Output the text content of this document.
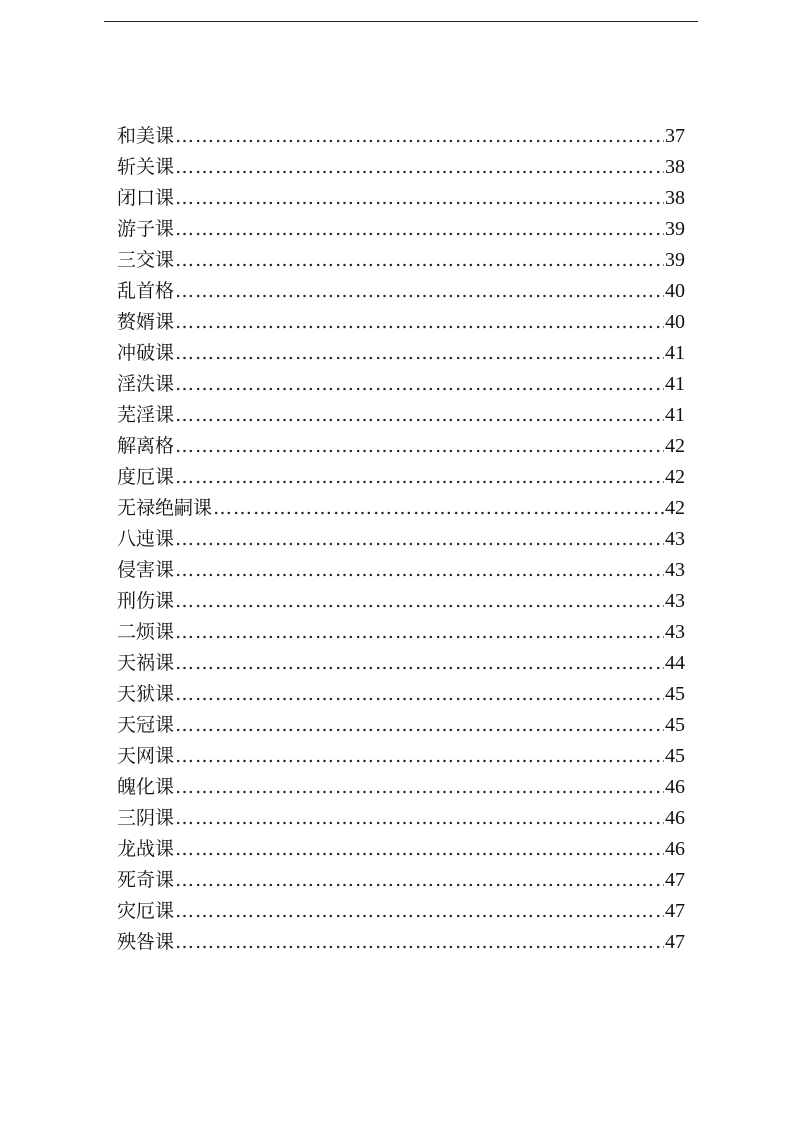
和美课 …………………………………………………………………………………………………………………………………………………………………	37
斩关课 …………………………………………………………………………………………………………………………………………………………………	38
闭口课 …………………………………………………………………………………………………………………………………………………………………	38
游子课 …………………………………………………………………………………………………………………………………………………………………	39
三交课 …………………………………………………………………………………………………………………………………………………………………	39
乱首格 …………………………………………………………………………………………………………………………………………………………………	40
赘婿课 …………………………………………………………………………………………………………………………………………………………………	40
冲破课 …………………………………………………………………………………………………………………………………………………………………	41
淫泆课 …………………………………………………………………………………………………………………………………………………………………	41
芜淫课 …………………………………………………………………………………………………………………………………………………………………	41
解离格 …………………………………………………………………………………………………………………………………………………………………	42
度厄课 …………………………………………………………………………………………………………………………………………………………………	42
无禄绝嗣课 …………………………………………………………………………………………………………………………………………………………………	42
八迍课 …………………………………………………………………………………………………………………………………………………………………	43
侵害课 …………………………………………………………………………………………………………………………………………………………………	43
刑伤课 …………………………………………………………………………………………………………………………………………………………………	43
二烦课 …………………………………………………………………………………………………………………………………………………………………	43
天祸课 …………………………………………………………………………………………………………………………………………………………………	44
天狱课 …………………………………………………………………………………………………………………………………………………………………	45
天冠课 …………………………………………………………………………………………………………………………………………………………………	45
天网课 …………………………………………………………………………………………………………………………………………………………………	45
魄化课 …………………………………………………………………………………………………………………………………………………………………	46
三阴课 …………………………………………………………………………………………………………………………………………………………………	46
龙战课 …………………………………………………………………………………………………………………………………………………………………	46
死奇课 …………………………………………………………………………………………………………………………………………………………………	47
灾厄课 …………………………………………………………………………………………………………………………………………………………………	47
殃咎课 …………………………………………………………………………………………………………………………………………………………………	47
